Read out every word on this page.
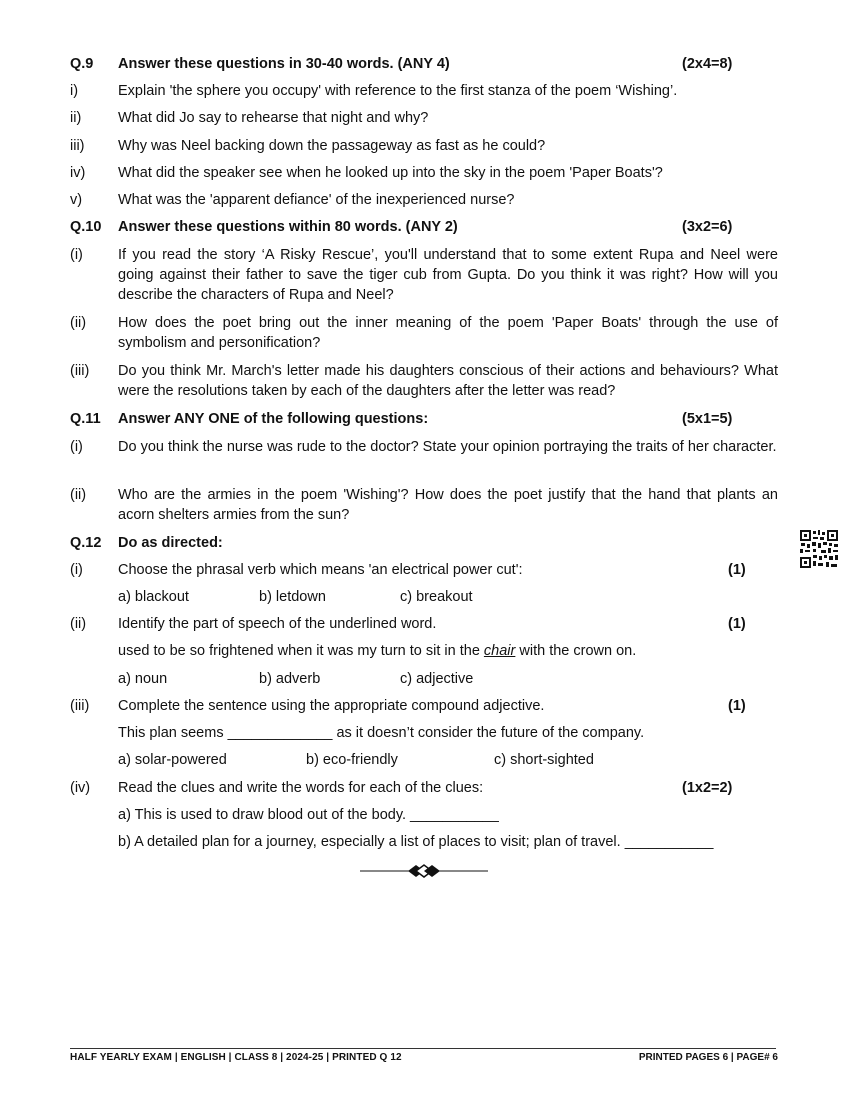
Q.9	Answer these questions in 30-40 words. (ANY 4)	(2x4=8)
i)	Explain 'the sphere you occupy' with reference to the first stanza of the poem ‘Wishing’.
ii)	What did Jo say to rehearse that night and why?
iii)	Why was Neel backing down the passageway as fast as he could?
iv)	What did the speaker see when he looked up into the sky in the poem 'Paper Boats'?
v)	What was the 'apparent defiance' of the inexperienced nurse?
Q.10	Answer these questions within 80 words. (ANY 2)	(3x2=6)
(i)	If you read the story ‘A Risky Rescue’, you'll understand that to some extent Rupa and Neel were going against their father to save the tiger cub from Gupta. Do you think it was right? How will you describe the characters of Rupa and Neel?
(ii)	How does the poet bring out the inner meaning of the poem 'Paper Boats' through the use of symbolism and personification?
(iii)	Do you think Mr. March's letter made his daughters conscious of their actions and behaviours? What were the resolutions taken by each of the daughters after the letter was read?
Q.11	Answer ANY ONE of the following questions:	(5x1=5)
(i)	Do you think the nurse was rude to the doctor? State your opinion portraying the traits of her character.
(ii)	Who are the armies in the poem 'Wishing'? How does the poet justify that the hand that plants an acorn shelters armies from the sun?
Q.12	Do as directed:
(i)	Choose the phrasal verb which means 'an electrical power cut':	(1)
a) blackout	b) letdown	c) breakout
(ii)	Identify the part of speech of the underlined word.	(1)
used to be so frightened when it was my turn to sit in the chair with the crown on.
a) noun	b) adverb	c) adjective
(iii)	Complete the sentence using the appropriate compound adjective.	(1)
This plan seems _____________ as it doesn’t consider the future of the company.
a) solar-powered	b) eco-friendly	c) short-sighted
(iv)	Read the clues and write the words for each of the clues:	(1x2=2)
a) This is used to draw blood out of the body. ___________
b) A detailed plan for a journey, especially a list of places to visit; plan of travel. ___________
HALF YEARLY EXAM | ENGLISH | CLASS 8 | 2024-25 | PRINTED Q 12	PRINTED PAGES 6 | PAGE# 6
